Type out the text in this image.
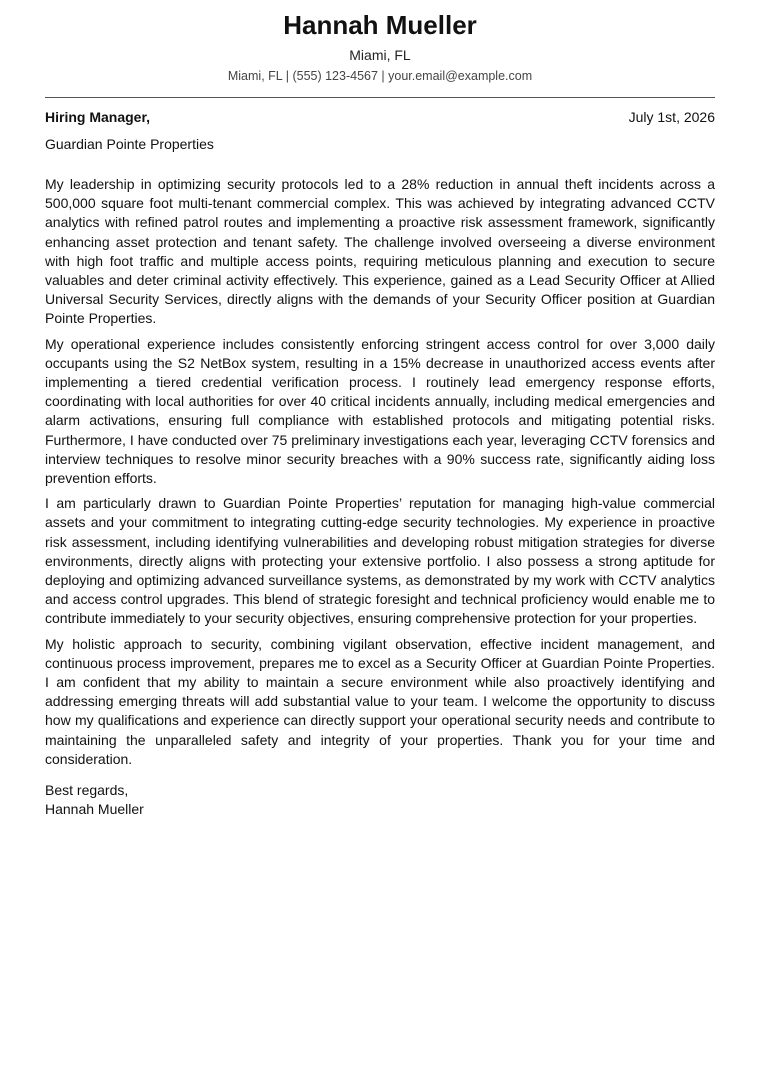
Hannah Mueller
Miami, FL
Miami, FL | (555) 123-4567 | your.email@example.com
Hiring Manager,	July 1st, 2026
Guardian Pointe Properties

My leadership in optimizing security protocols led to a 28% reduction in annual theft incidents across a 500,000 square foot multi-tenant commercial complex. This was achieved by integrating advanced CCTV analytics with refined patrol routes and implementing a proactive risk assessment framework, significantly enhancing asset protection and tenant safety. The challenge involved overseeing a diverse environment with high foot traffic and multiple access points, requiring meticulous planning and execution to secure valuables and deter criminal activity effectively. This experience, gained as a Lead Security Officer at Allied Universal Security Services, directly aligns with the demands of your Security Officer position at Guardian Pointe Properties.

My operational experience includes consistently enforcing stringent access control for over 3,000 daily occupants using the S2 NetBox system, resulting in a 15% decrease in unauthorized access events after implementing a tiered credential verification process. I routinely lead emergency response efforts, coordinating with local authorities for over 40 critical incidents annually, including medical emergencies and alarm activations, ensuring full compliance with established protocols and mitigating potential risks. Furthermore, I have conducted over 75 preliminary investigations each year, leveraging CCTV forensics and interview techniques to resolve minor security breaches with a 90% success rate, significantly aiding loss prevention efforts.

I am particularly drawn to Guardian Pointe Properties’ reputation for managing high-value commercial assets and your commitment to integrating cutting-edge security technologies. My experience in proactive risk assessment, including identifying vulnerabilities and developing robust mitigation strategies for diverse environments, directly aligns with protecting your extensive portfolio. I also possess a strong aptitude for deploying and optimizing advanced surveillance systems, as demonstrated by my work with CCTV analytics and access control upgrades. This blend of strategic foresight and technical proficiency would enable me to contribute immediately to your security objectives, ensuring comprehensive protection for your properties.

My holistic approach to security, combining vigilant observation, effective incident management, and continuous process improvement, prepares me to excel as a Security Officer at Guardian Pointe Properties. I am confident that my ability to maintain a secure environment while also proactively identifying and addressing emerging threats will add substantial value to your team. I welcome the opportunity to discuss how my qualifications and experience can directly support your operational security needs and contribute to maintaining the unparalleled safety and integrity of your properties. Thank you for your time and consideration.

Best regards,
Hannah Mueller
